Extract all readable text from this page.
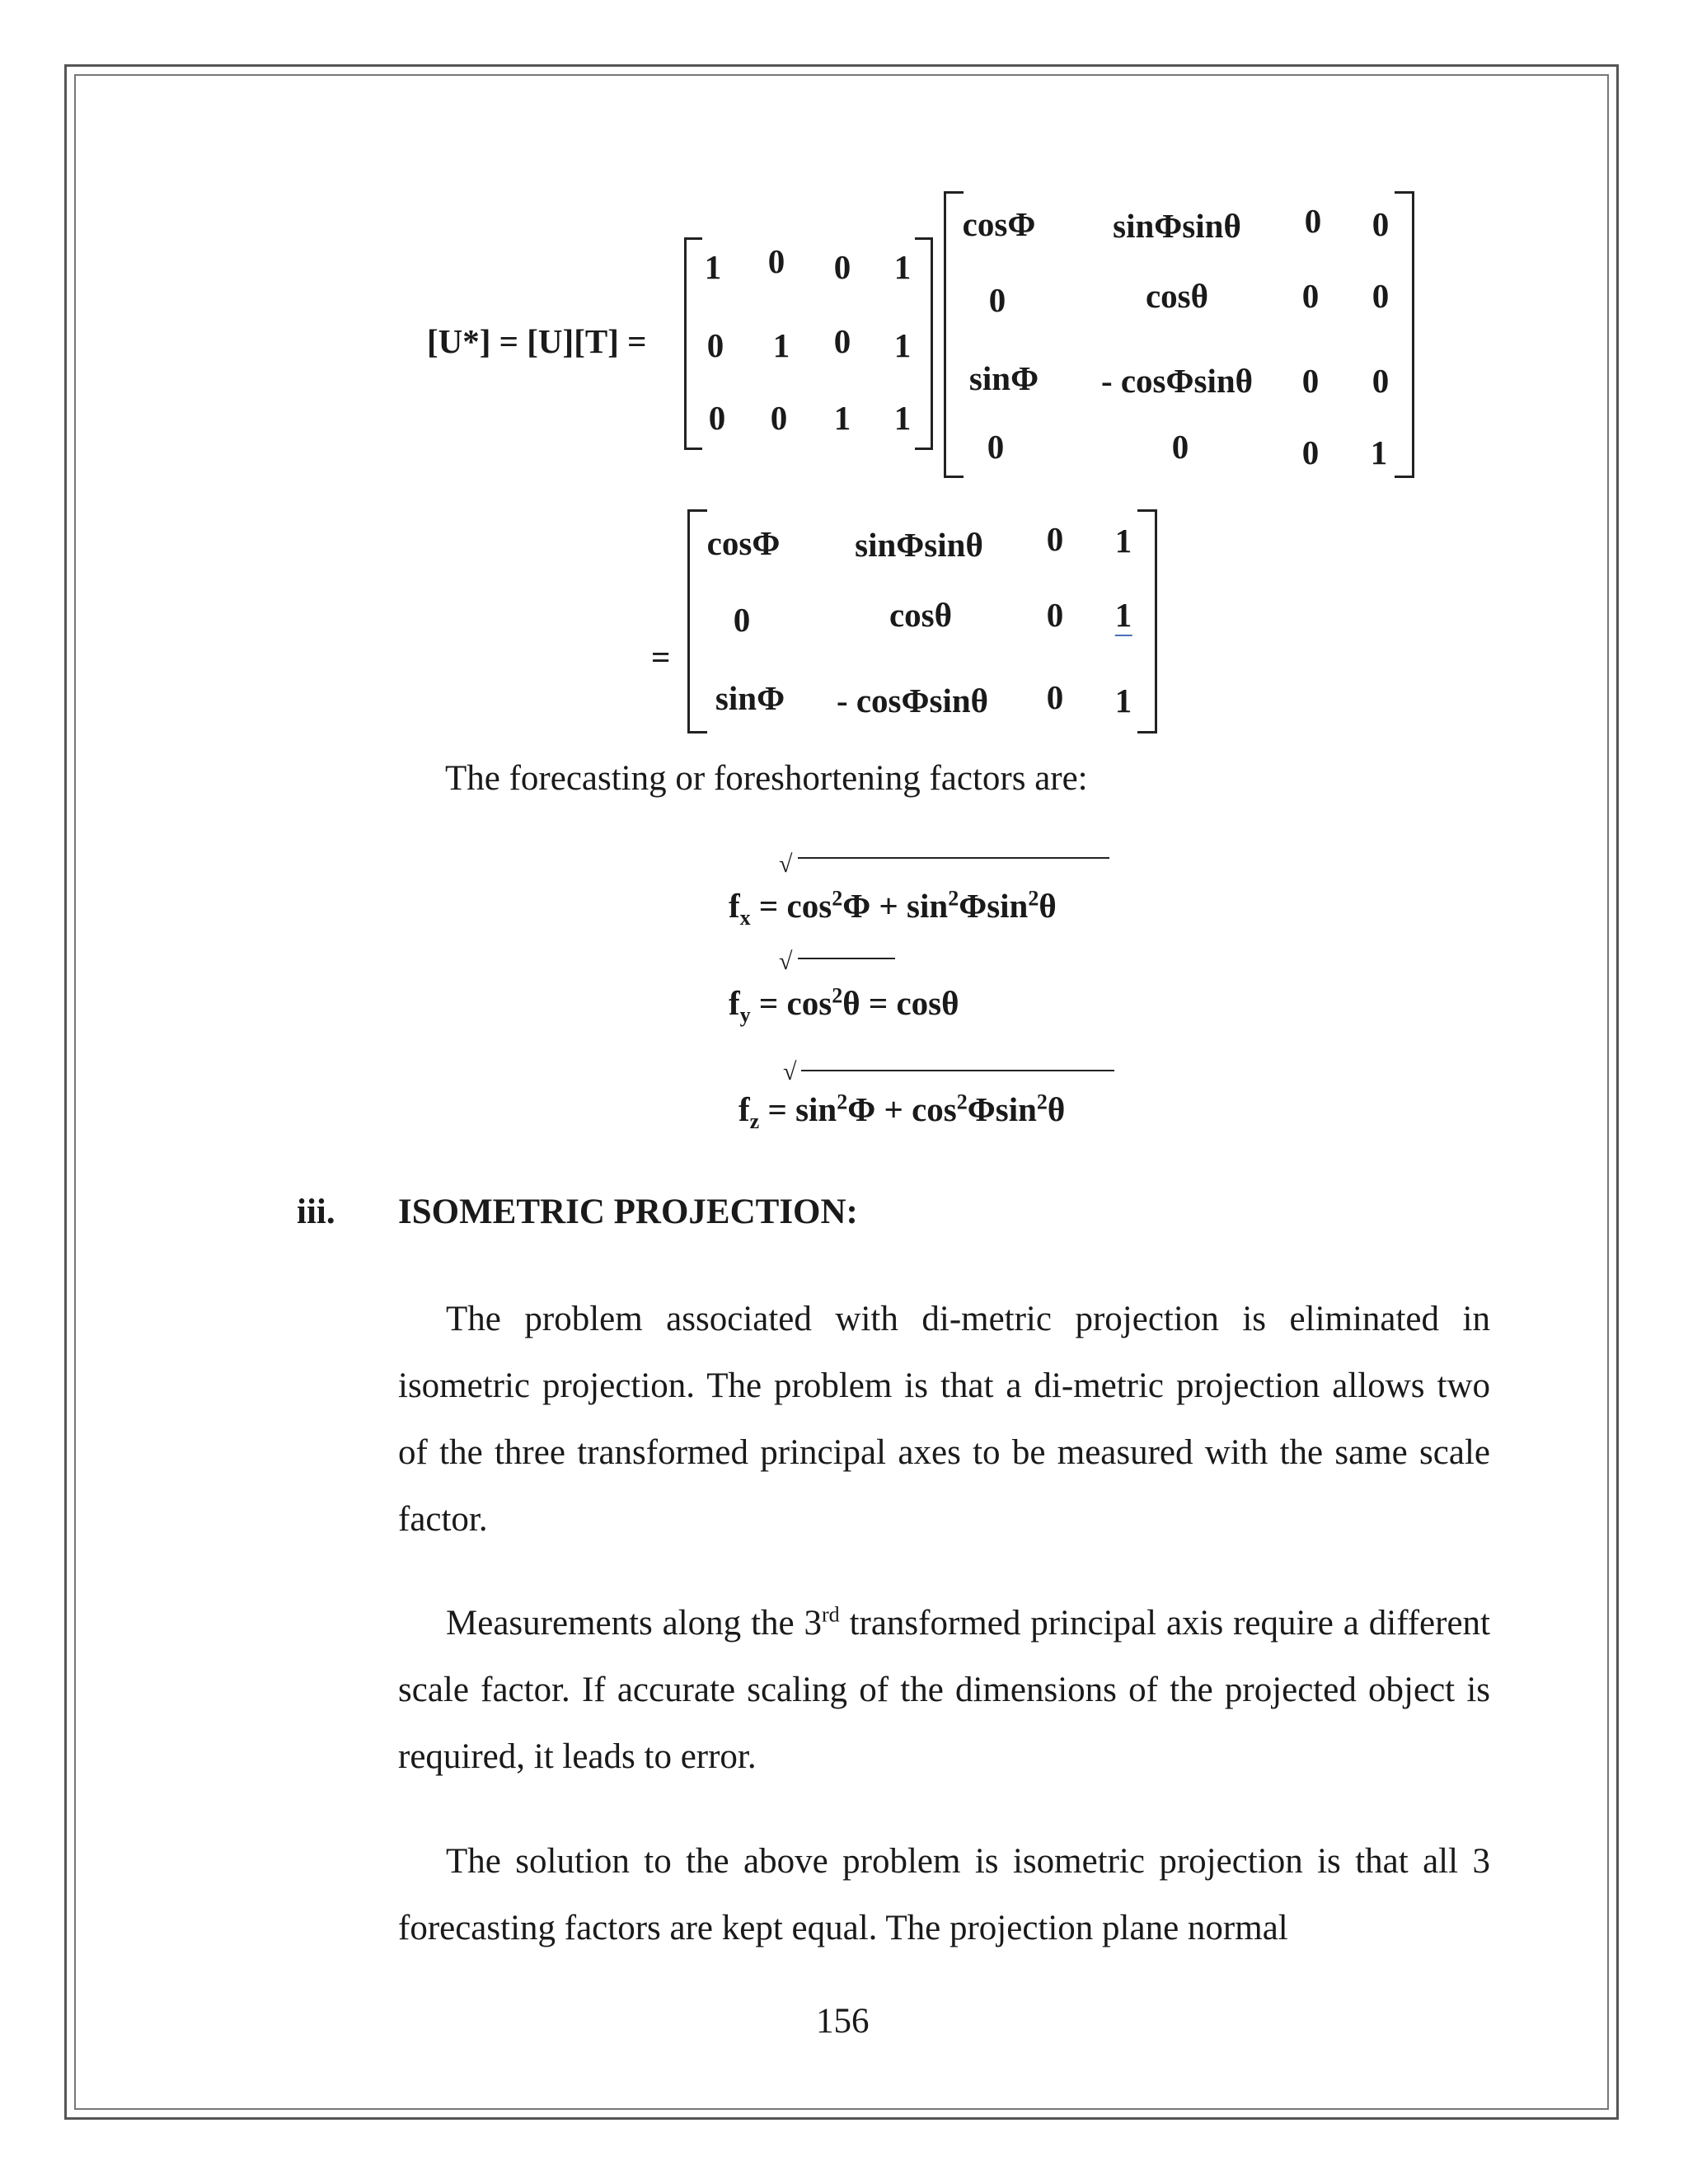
[U*] = [U][T] =
1 0 0 1
0 1 0 1
0 0 1 1
cosΦ sinΦsinθ 0 0
0	cosθ	0 0
sinΦ - cosΦsinθ 0 0
0	0	0 1
=
cosΦ sinΦsinθ 0 1
0	cosθ	0 1
sinΦ - cosΦsinθ 0 1
The forecasting or foreshortening factors are:
√
$f_x = \cos^2\Phi + \sin^2\Phi\sin^2\theta$
√
$f_y = \cos^2\theta = \cos\theta$
√
$f_z = \sin^2\Phi + \cos^2\Phi\sin^2\theta$
iii. ISOMETRIC PROJECTION:
The problem associated with di-metric projection is eliminated in isometric projection. The problem is that a di-metric projection allows two of the three transformed principal axes to be measured with the same scale factor.
Measurements along the 3rd transformed principal axis require a different scale factor. If accurate scaling of the dimensions of the projected object is required, it leads to error.
The solution to the above problem is isometric projection is that all 3 forecasting factors are kept equal. The projection plane normal
156
